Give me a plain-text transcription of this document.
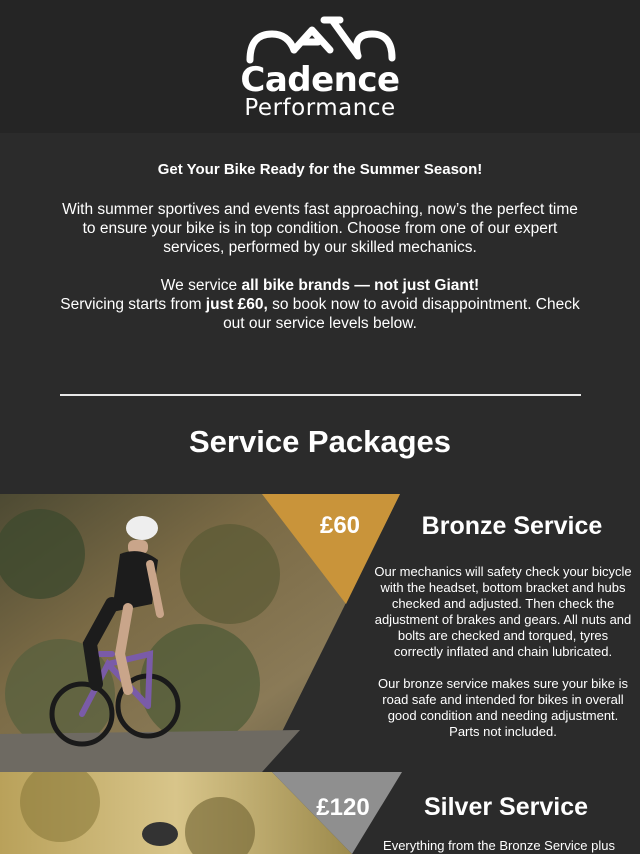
Cadence
Performance
Get Your Bike Ready for the Summer Season!

With summer sportives and events fast approaching, now’s the perfect time to ensure your bike is in top condition. Choose from one of our expert services, performed by our skilled mechanics.

We service all bike brands — not just Giant!
Servicing starts from just £60, so book now to avoid disappointment. Check out our service levels below.

Service Packages
£60	Bronze Service

Our mechanics will safety check your bicycle with the headset, bottom bracket and hubs checked and adjusted. Then check the adjustment of brakes and gears. All nuts and bolts are checked and torqued, tyres correctly inflated and chain lubricated.

Our bronze service makes sure your bike is road safe and intended for bikes in overall good condition and needing adjustment. Parts not included.

£120	Silver Service

Everything from the Bronze Service plus
